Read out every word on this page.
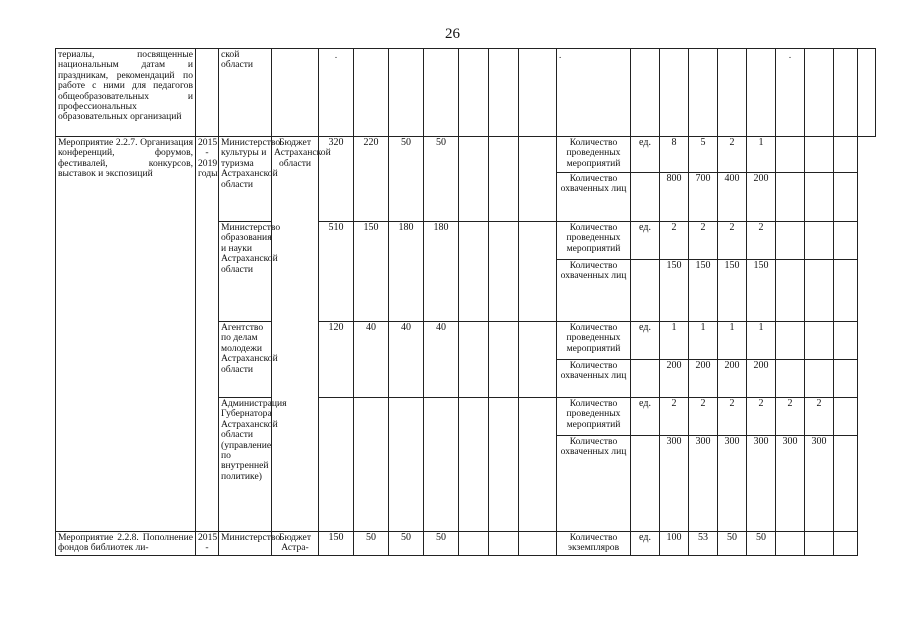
26
териалы, посвященные национальным датам и праздникам, рекомендаций по работе с ними для педагогов общеобразовательных и профессиональных образовательных организаций		ской области		.							.						.			

Мероприятие 2.2.7. Организация конференций, форумов, фестивалей, конкурсов, выставок и экспозиций	2015 - 2019 годы	Министерство культуры и туризма Астраханской области	Бюджет Астраханской области	320	220	50	50				Количество проведенных мероприятий	ед.	8	5	2	1				
											Количество охваченных лиц		800	700	400	200				
		Министерство образования и науки Астраханской области		510	150	180	180				Количество проведенных мероприятий	ед.	2	2	2	2				
											Количество охваченных лиц		150	150	150	150				
		Агентство по делам молодежи Астраханской области		120	40	40	40				Количество проведенных мероприятий	ед.	1	1	1	1				
											Количество охваченных лиц		200	200	200	200				
		Администрация Губернатора Астраханской области (управление по внутренней политике)									Количество проведенных мероприятий	ед.	2	2	2	2	2	2		
											Количество охваченных лиц		300	300	300	300	300	300		
Мероприятие 2.2.8. Пополнение фондов библиотек ли-	2015 -	Министерство	Бюджет Астра-	150	50	50	50				Количество экземпляров	ед.	100	53	50	50				
